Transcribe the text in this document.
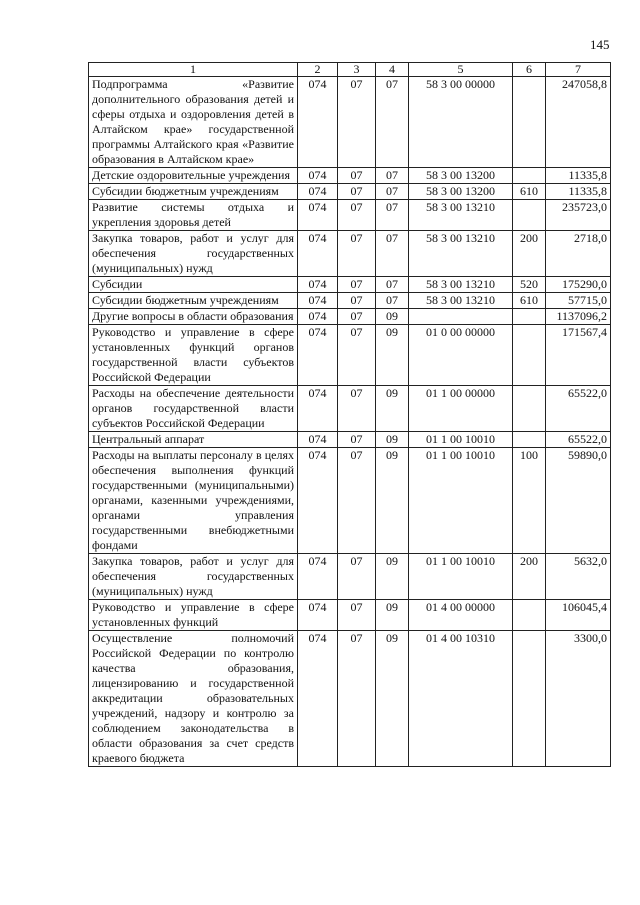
145
1	2	3	4	5	6	7
Подпрограмма «Развитие дополнительного образования детей и сферы отдыха и оздоровления детей в Алтайском крае» государственной программы Алтайского края «Развитие образования в Алтайском крае»	074	07	07	58 3 00 00000		247058,8
Детские оздоровительные учреждения	074	07	07	58 3 00 13200		11335,8
Субсидии бюджетным учреждениям	074	07	07	58 3 00 13200	610	11335,8
Развитие системы отдыха и укрепления здоровья детей	074	07	07	58 3 00 13210		235723,0
Закупка товаров, работ и услуг для обеспечения государственных (муниципальных) нужд	074	07	07	58 3 00 13210	200	2718,0
Субсидии	074	07	07	58 3 00 13210	520	175290,0
Субсидии бюджетным учреждениям	074	07	07	58 3 00 13210	610	57715,0
Другие вопросы в области образования	074	07	09			1137096,2
Руководство и управление в сфере установленных функций органов государственной власти субъектов Российской Федерации	074	07	09	01 0 00 00000		171567,4
Расходы на обеспечение деятельности органов государственной власти субъектов Российской Федерации	074	07	09	01 1 00 00000		65522,0
Центральный аппарат	074	07	09	01 1 00 10010		65522,0
Расходы на выплаты персоналу в целях обеспечения выполнения функций государственными (муниципальными) органами, казенными учреждениями, органами управления государственными внебюджетными фондами	074	07	09	01 1 00 10010	100	59890,0
Закупка товаров, работ и услуг для обеспечения государственных (муниципальных) нужд	074	07	09	01 1 00 10010	200	5632,0
Руководство и управление в сфере установленных функций	074	07	09	01 4 00 00000		106045,4
Осуществление полномочий Российской Федерации по контролю качества образования, лицензированию и государственной аккредитации образовательных учреждений, надзору и контролю за соблюдением законодательства в области образования за счет средств краевого бюджета	074	07	09	01 4 00 10310		3300,0
